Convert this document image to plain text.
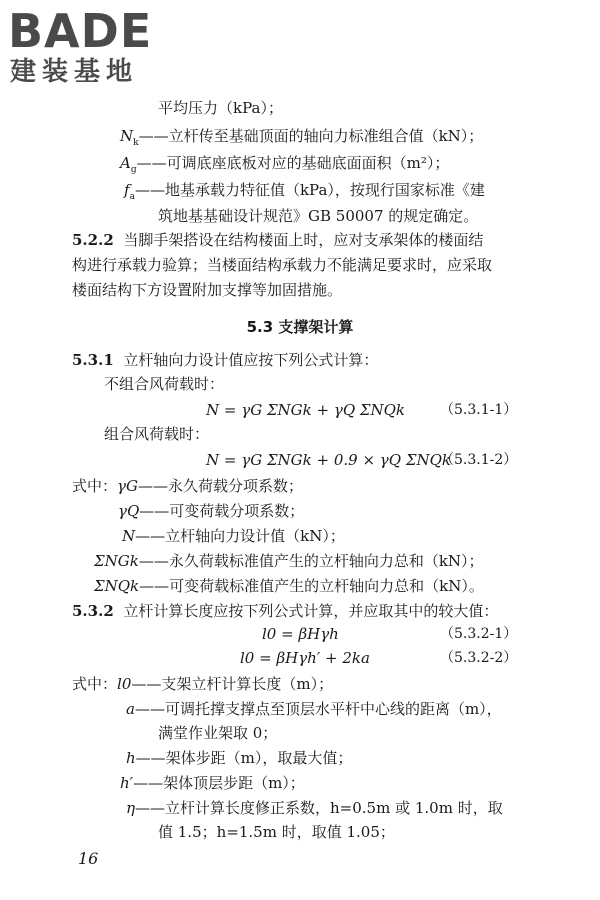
BADE
建装基地
平均压力（kPa）；
$N_k——$立杆传至基础顶面的轴向力标准组合值（kN）；
$A_g——$可调底座底板对应的基础底面面积（m²）；
$f_a——$地基承载力特征值（kPa），按现行国家标准《建
筑地基基础设计规范》GB 50007 的规定确定。
5.2.2 当脚手架搭设在结构楼面上时，应对支承架体的楼面结
构进行承载力验算；当楼面结构承载力不能满足要求时，应采取
楼面结构下方设置附加支撑等加固措施。
5.3 支撑架计算
5.3.1 立杆轴向力设计值应按下列公式计算：
不组合风荷载时：
N = γG ΣNGk + γQ ΣNQk	（5.3.1-1）
组合风荷载时：
N = γG ΣNGk + 0.9 × γQ ΣNQk
（5.3.1-2）
式中：γG——永久荷载分项系数；
γQ——可变荷载分项系数；
N——立杆轴向力设计值（kN）；
ΣNGk——永久荷载标准值产生的立杆轴向力总和（kN）；
ΣNQk——可变荷载标准值产生的立杆轴向力总和（kN）。
5.3.2 立杆计算长度应按下列公式计算，并应取其中的较大值：
l0 = βHγh	（5.3.2-1）
l0 = βHγh′ + 2ka	（5.3.2-2）
式中：l0——支架立杆计算长度（m）；
a——可调托撑支撑点至顶层水平杆中心线的距离（m），
满堂作业架取 0；
h——架体步距（m），取最大值；
h′——架体顶层步距（m）；
η——立杆计算长度修正系数，h=0.5m 或 1.0m 时，取
值 1.5；h=1.5m 时，取值 1.05；
16
